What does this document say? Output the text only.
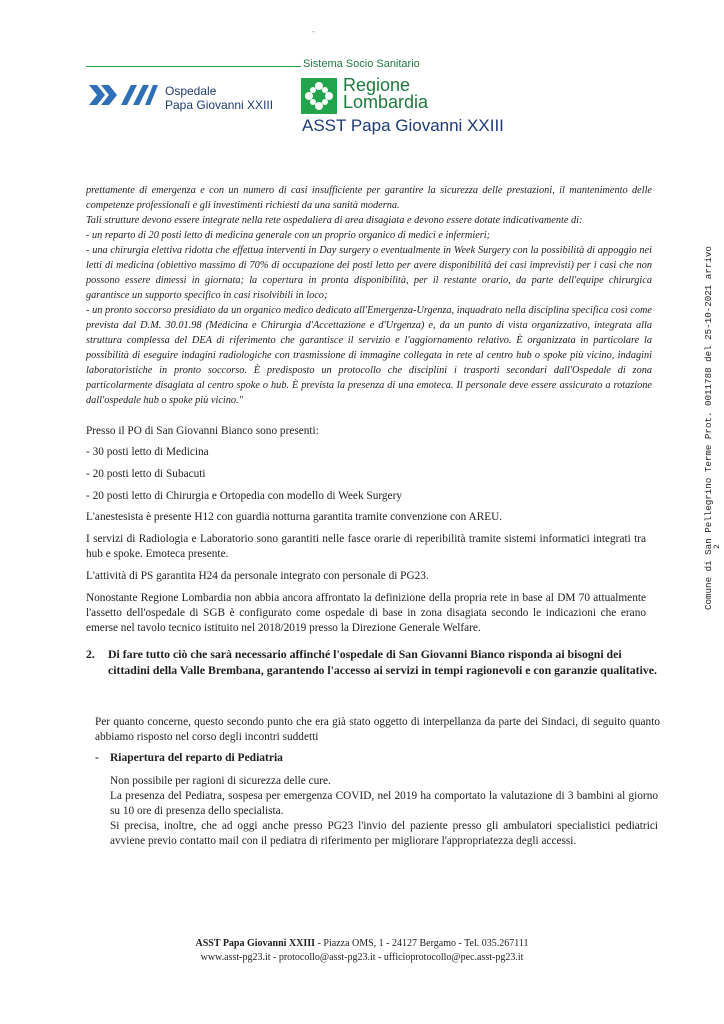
-
Sistema Socio Sanitario
Ospedale
Papa Giovanni XXIII
Regione
Lombardia
ASST Papa Giovanni XXIII

prettamente di emergenza e con un numero di casi insufficiente per garantire la sicurezza delle prestazioni, il mantenimento delle competenze professionali e gli investimenti richiesti da una sanità moderna.

Tali strutture devono essere integrate nella rete ospedaliera di area disagiata e devono essere dotate indicativamente di:

- un reparto di 20 posti letto di medicina generale con un proprio organico di medici e infermieri;

- una chirurgia elettiva ridotta che effettua interventi in Day surgery o eventualmente in Week Surgery con la possibilità di appoggio nei letti di medicina (obiettivo massimo di 70% di occupazione dei posti letto per avere disponibilità dei casi imprevisti) per i casi che non possono essere dimessi in giornata; la copertura in pronta disponibilità, per il restante orario, da parte dell'equipe chirurgica garantisce un supporto specifico in casi risolvibili in loco;

- un pronto soccorso presidiato da un organico medico dedicato all'Emergenza-Urgenza, inquadrato nella disciplina specifica così come prevista dal D.M. 30.01.98 (Medicina e Chirurgia d'Accettazione e d'Urgenza) e, da un punto di vista organizzativo, integrata alla struttura complessa del DEA di riferimento che garantisce il servizio e l'aggiornamento relativo. È organizzata in particolare la possibilità di eseguire indagini radiologiche con trasmissione di immagine collegata in rete al centro hub o spoke più vicino, indagini laboratoristiche in pronto soccorso. È predisposto un protocollo che disciplini i trasporti secondari dall'Ospedale di zona particolarmente disagiata al centro spoke o hub. È prevista la presenza di una emoteca. Il personale deve essere assicurato a rotazione dall'ospedale hub o spoke più vicino."

Presso il PO di San Giovanni Bianco sono presenti:
- 30 posti letto di Medicina
- 20 posti letto di Subacuti
- 20 posti letto di Chirurgia e Ortopedia con modello di Week Surgery
L'anestesista è presente H12 con guardia notturna garantita tramite convenzione con AREU.
I servizi di Radiologia e Laboratorio sono garantiti nelle fasce orarie di reperibilità tramite sistemi informatici integrati tra hub e spoke. Emoteca presente.
L'attività di PS garantita H24 da personale integrato con personale di PG23.
Nonostante Regione Lombardia non abbia ancora affrontato la definizione della propria rete in base al DM 70 attualmente l'assetto dell'ospedale di SGB è configurato come ospedale di base in zona disagiata secondo le indicazioni che erano emerse nel tavolo tecnico istituito nel 2018/2019 presso la Direzione Generale Welfare.
2. Di fare tutto ciò che sarà necessario affinché l'ospedale di San Giovanni Bianco risponda ai bisogni dei cittadini della Valle Brembana, garantendo l'accesso ai servizi in tempi ragionevoli e con garanzie qualitative.
Per quanto concerne, questo secondo punto che era già stato oggetto di interpellanza da parte dei Sindaci, di seguito quanto abbiamo risposto nel corso degli incontri suddetti
- Riapertura del reparto di Pediatria

Non possibile per ragioni di sicurezza delle cure.

La presenza del Pediatra, sospesa per emergenza COVID, nel 2019 ha comportato la valutazione di 3 bambini al giorno su 10 ore di presenza dello specialista.

Si precisa, inoltre, che ad oggi anche presso PG23 l'invio del paziente presso gli ambulatori specialistici pediatrici avviene previo contatto mail con il pediatra di riferimento per migliorare l'appropriatezza degli accessi.

ASST Papa Giovanni XXIII - Piazza OMS, 1 - 24127 Bergamo - Tel. 035.267111
www.asst-pg23.it - protocollo@asst-pg23.it - ufficioprotocollo@pec.asst-pg23.it
Comune di San Pellegrino Terme Prot. 0011788 del 25-10-2021 arrivo 2
